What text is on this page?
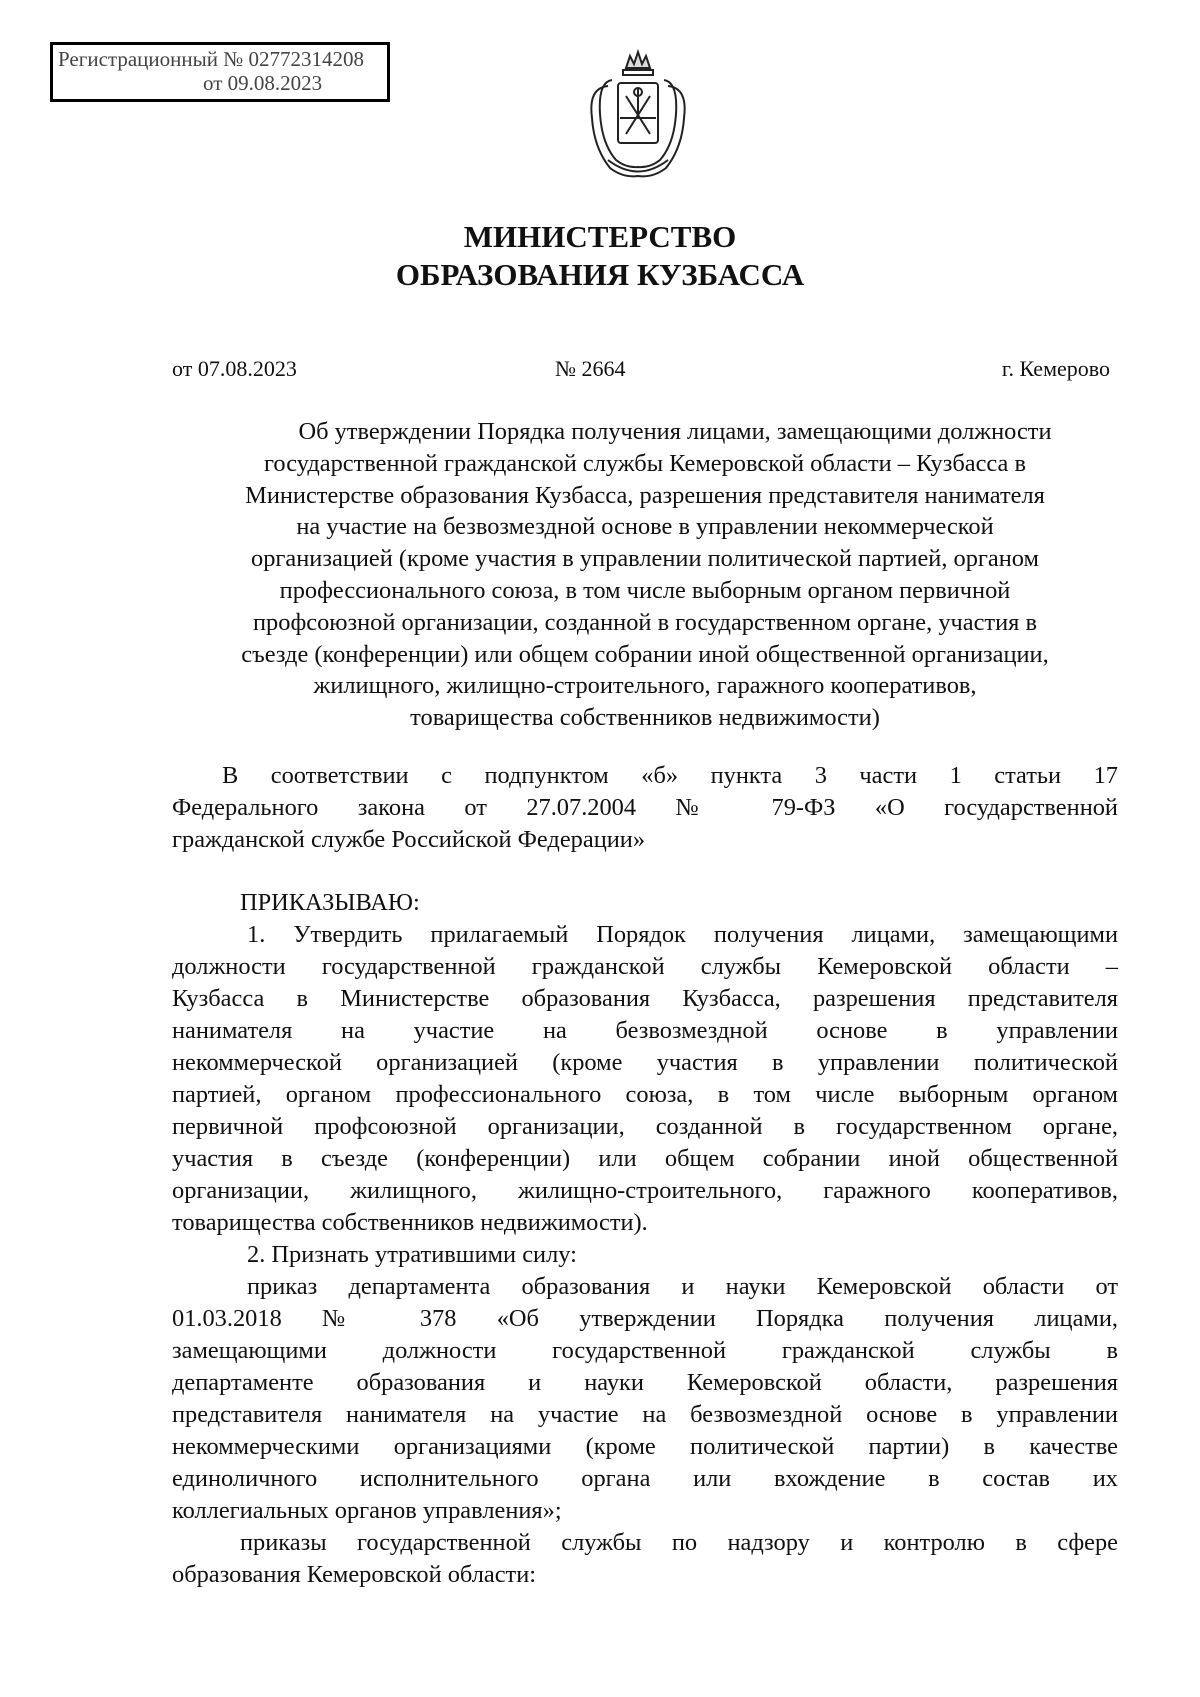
Регистрационный № 02772314208
от 09.08.2023
МИНИСТЕРСТВО
ОБРАЗОВАНИЯ КУЗБАССА
от 07.08.2023	№ 2664	г. Кемерово

Об утверждении Порядка получения лицами, замещающими должности

государственной гражданской службы Кемеровской области – Кузбасса в

Министерстве образования Кузбасса, разрешения представителя нанимателя

на участие на безвозмездной основе в управлении некоммерческой

организацией (кроме участия в управлении политической партией, органом

профессионального союза, в том числе выборным органом первичной

профсоюзной организации, созданной в государственном органе, участия в

съезде (конференции) или общем собрании иной общественной организации,

жилищного, жилищно-строительного, гаражного кооперативов,

товарищества собственников недвижимости)

В соответствии с подпунктом «б» пункта 3 части 1 статьи 17

Федерального закона от 27.07.2004 № 79-ФЗ «О государственной

гражданской службе Российской Федерации»

ПРИКАЗЫВАЮ:

1. Утвердить прилагаемый Порядок получения лицами, замещающими

должности государственной гражданской службы Кемеровской области –

Кузбасса в Министерстве образования Кузбасса, разрешения представителя

нанимателя на участие на безвозмездной основе в управлении

некоммерческой организацией (кроме участия в управлении политической

партией, органом профессионального союза, в том числе выборным органом

первичной профсоюзной организации, созданной в государственном органе,

участия в съезде (конференции) или общем собрании иной общественной

организации, жилищного, жилищно-строительного, гаражного кооперативов,

товарищества собственников недвижимости).

2. Признать утратившими силу:

приказ департамента образования и науки Кемеровской области от

01.03.2018 № 378 «Об утверждении Порядка получения лицами,

замещающими должности государственной гражданской службы в

департаменте образования и науки Кемеровской области, разрешения

представителя нанимателя на участие на безвозмездной основе в управлении

некоммерческими организациями (кроме политической партии) в качестве

единоличного исполнительного органа или вхождение в состав их

коллегиальных органов управления»;

приказы государственной службы по надзору и контролю в сфере

образования Кемеровской области:
